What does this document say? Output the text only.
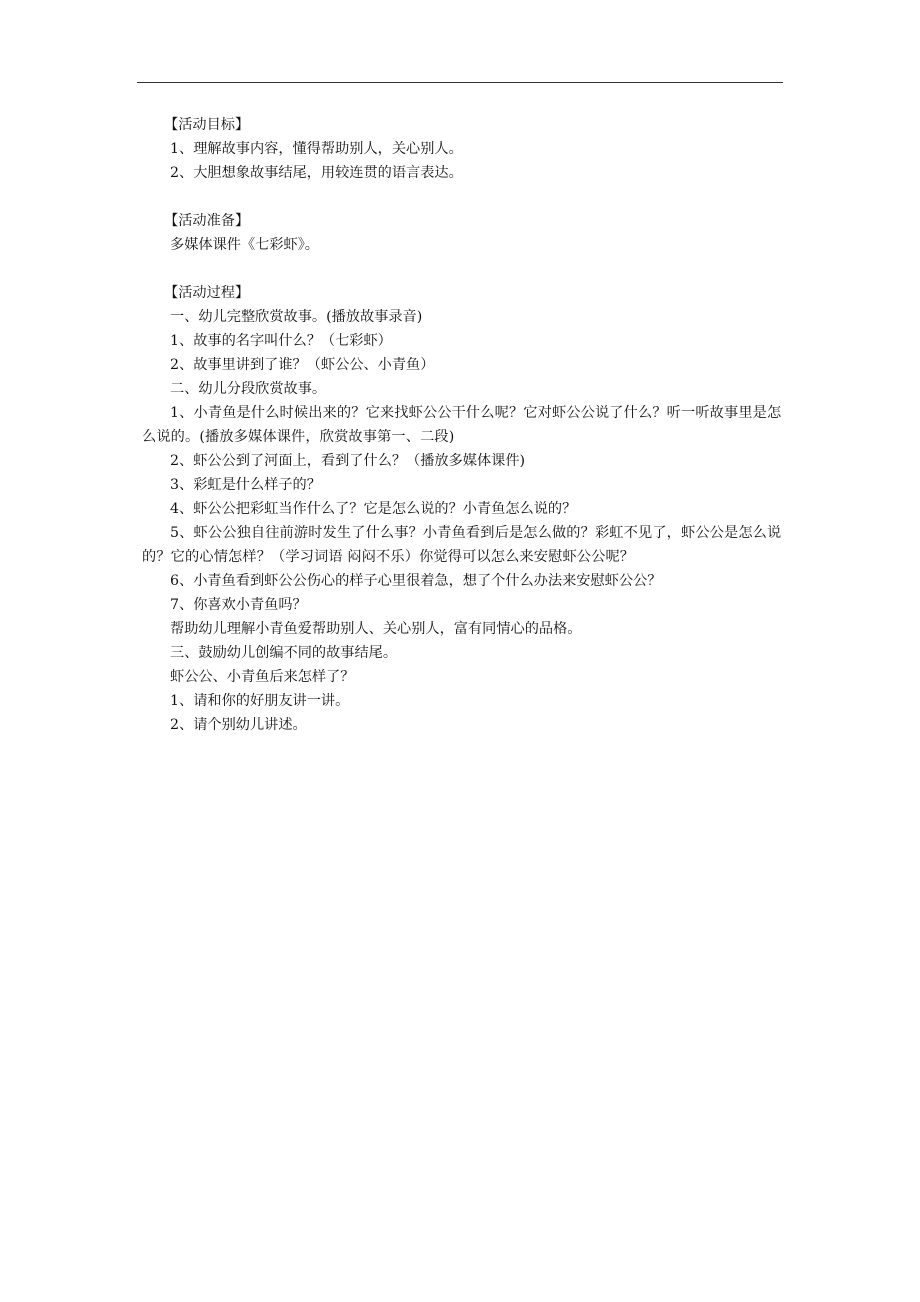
【活动目标】

1、理解故事内容，懂得帮助别人，关心别人。

2、大胆想象故事结尾，用较连贯的语言表达。

【活动准备】

多媒体课件《七彩虾》。

【活动过程】

一、幼儿完整欣赏故事。(播放故事录音)

1、故事的名字叫什么？（七彩虾）

2、故事里讲到了谁？（虾公公、小青鱼）

二、幼儿分段欣赏故事。

1、小青鱼是什么时候出来的？它来找虾公公干什么呢？它对虾公公说了什么？听一听故事里是怎么说的。(播放多媒体课件，欣赏故事第一、二段)

2、虾公公到了河面上，看到了什么？（播放多媒体课件)

3、彩虹是什么样子的？

4、虾公公把彩虹当作什么了？它是怎么说的？小青鱼怎么说的？

5、虾公公独自往前游时发生了什么事？小青鱼看到后是怎么做的？彩虹不见了，虾公公是怎么说的？它的心情怎样？（学习词语 闷闷不乐）你觉得可以怎么来安慰虾公公呢？

6、小青鱼看到虾公公伤心的样子心里很着急，想了个什么办法来安慰虾公公？

7、你喜欢小青鱼吗？

帮助幼儿理解小青鱼爱帮助别人、关心别人，富有同情心的品格。

三、鼓励幼儿创编不同的故事结尾。

虾公公、小青鱼后来怎样了？

1、请和你的好朋友讲一讲。

2、请个别幼儿讲述。
